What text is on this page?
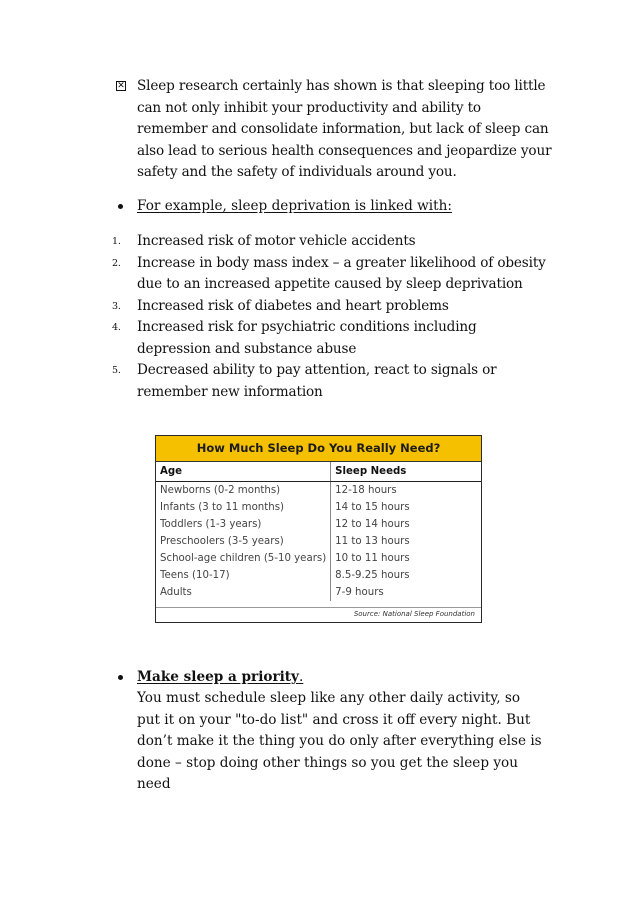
✕ Sleep research certainly has shown is that sleeping too little can not only inhibit your productivity and ability to remember and consolidate information, but lack of sleep can also lead to serious health consequences and jeopardize your safety and the safety of individuals around you.
For example, sleep deprivation is linked with:
1. Increased risk of motor vehicle accidents
2. Increase in body mass index – a greater likelihood of obesity due to an increased appetite caused by sleep deprivation
3. Increased risk of diabetes and heart problems
4. Increased risk for psychiatric conditions including depression and substance abuse
5. Decreased ability to pay attention, react to signals or remember new information
How Much Sleep Do You Really Need?
Age	Sleep Needs
Newborns (0-2 months)	12-18 hours
Infants (3 to 11 months)	14 to 15 hours
Toddlers (1-3 years)	12 to 14 hours
Preschoolers (3-5 years)	11 to 13 hours
School-age children (5-10 years)	10 to 11 hours
Teens (10-17)	8.5-9.25 hours
Adults	7-9 hours
Source: National Sleep Foundation
Make sleep a priority.
You must schedule sleep like any other daily activity, so put it on your "to-do list" and cross it off every night. But don’t make it the thing you do only after everything else is done – stop doing other things so you get the sleep you need
